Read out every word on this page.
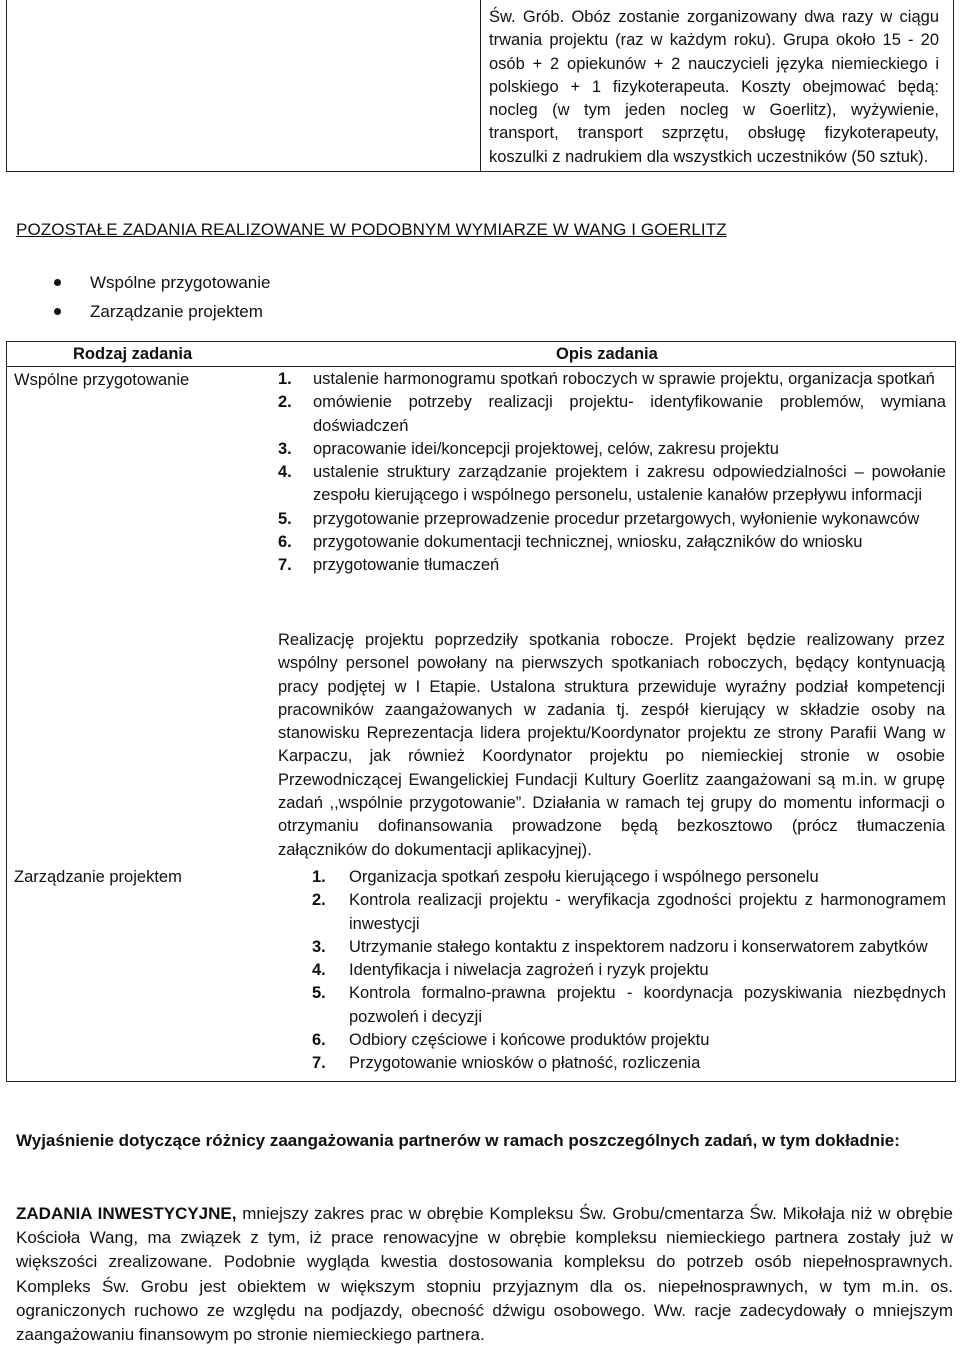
Św. Grób. Obóz zostanie zorganizowany dwa razy w ciągu trwania projektu (raz w każdym roku). Grupa około 15 - 20 osób + 2 opiekunów + 2 nauczycieli języka niemieckiego i polskiego + 1 fizykoterapeuta. Koszty obejmować będą: nocleg (w tym jeden nocleg w Goerlitz), wyżywienie, transport, transport szprzętu, obsługę fizykoterapeuty, koszulki z nadrukiem dla wszystkich uczestników (50 sztuk).
POZOSTAŁE ZADANIA REALIZOWANE W PODOBNYM WYMIARZE W WANG I GOERLITZ
Wspólne przygotowanie
Zarządzanie projektem
Rodzaj zadania	Opis zadania
Wspólne przygotowanie	1. ustalenie harmonogramu spotkań roboczych w sprawie projektu, organizacja spotkań
2. omówienie potrzeby realizacji projektu- identyfikowanie problemów, wymiana doświadczeń
3. opracowanie idei/koncepcji projektowej, celów, zakresu projektu
4. ustalenie struktury zarządzanie projektem i zakresu odpowiedzialności – powołanie zespołu kierującego i wspólnego personelu, ustalenie kanałów przepływu informacji
5. przygotowanie przeprowadzenie procedur przetargowych, wyłonienie wykonawców
6. przygotowanie dokumentacji technicznej, wniosku, załączników do wniosku
7. przygotowanie tłumaczeń
Realizację projektu poprzedziły spotkania robocze. Projekt będzie realizowany przez wspólny personel powołany na pierwszych spotkaniach roboczych, będący kontynuacją pracy podjętej w I Etapie. Ustalona struktura przewiduje wyraźny podział kompetencji pracowników zaangażowanych w zadania tj. zespół kierujący w składzie osoby na stanowisku Reprezentacja lidera projektu/Koordynator projektu ze strony Parafii Wang w Karpaczu, jak również Koordynator projektu po niemieckiej stronie w osobie Przewodniczącej Ewangelickiej Fundacji Kultury Goerlitz zaangażowani są m.in. w grupę zadań ,,wspólnie przygotowanie”. Działania w ramach tej grupy do momentu informacji o otrzymaniu dofinansowania prowadzone będą bezkosztowo (prócz tłumaczenia załączników do dokumentacji aplikacyjnej).
Zarządzanie projektem	1. Organizacja spotkań zespołu kierującego i wspólnego personelu
2. Kontrola realizacji projektu - weryfikacja zgodności projektu z harmonogramem inwestycji
3. Utrzymanie stałego kontaktu z inspektorem nadzoru i konserwatorem zabytków
4. Identyfikacja i niwelacja zagrożeń i ryzyk projektu
5. Kontrola formalno-prawna projektu - koordynacja pozyskiwania niezbędnych pozwoleń i decyzji
6. Odbiory częściowe i końcowe produktów projektu
7. Przygotowanie wniosków o płatność, rozliczenia
Wyjaśnienie dotyczące różnicy zaangażowania partnerów w ramach poszczególnych zadań, w tym dokładnie:
ZADANIA INWESTYCYJNE, mniejszy zakres prac w obrębie Kompleksu Św. Grobu/cmentarza Św. Mikołaja niż w obrębie Kościoła Wang, ma związek z tym, iż prace renowacyjne w obrębie kompleksu niemieckiego partnera zostały już w większości zrealizowane. Podobnie wygląda kwestia dostosowania kompleksu do potrzeb osób niepełnosprawnych. Kompleks Św. Grobu jest obiektem w większym stopniu przyjaznym dla os. niepełnosprawnych, w tym m.in. os. ograniczonych ruchowo ze względu na podjazdy, obecność dźwigu osobowego. Ww. racje zadecydowały o mniejszym zaangażowaniu finansowym po stronie niemieckiego partnera.
